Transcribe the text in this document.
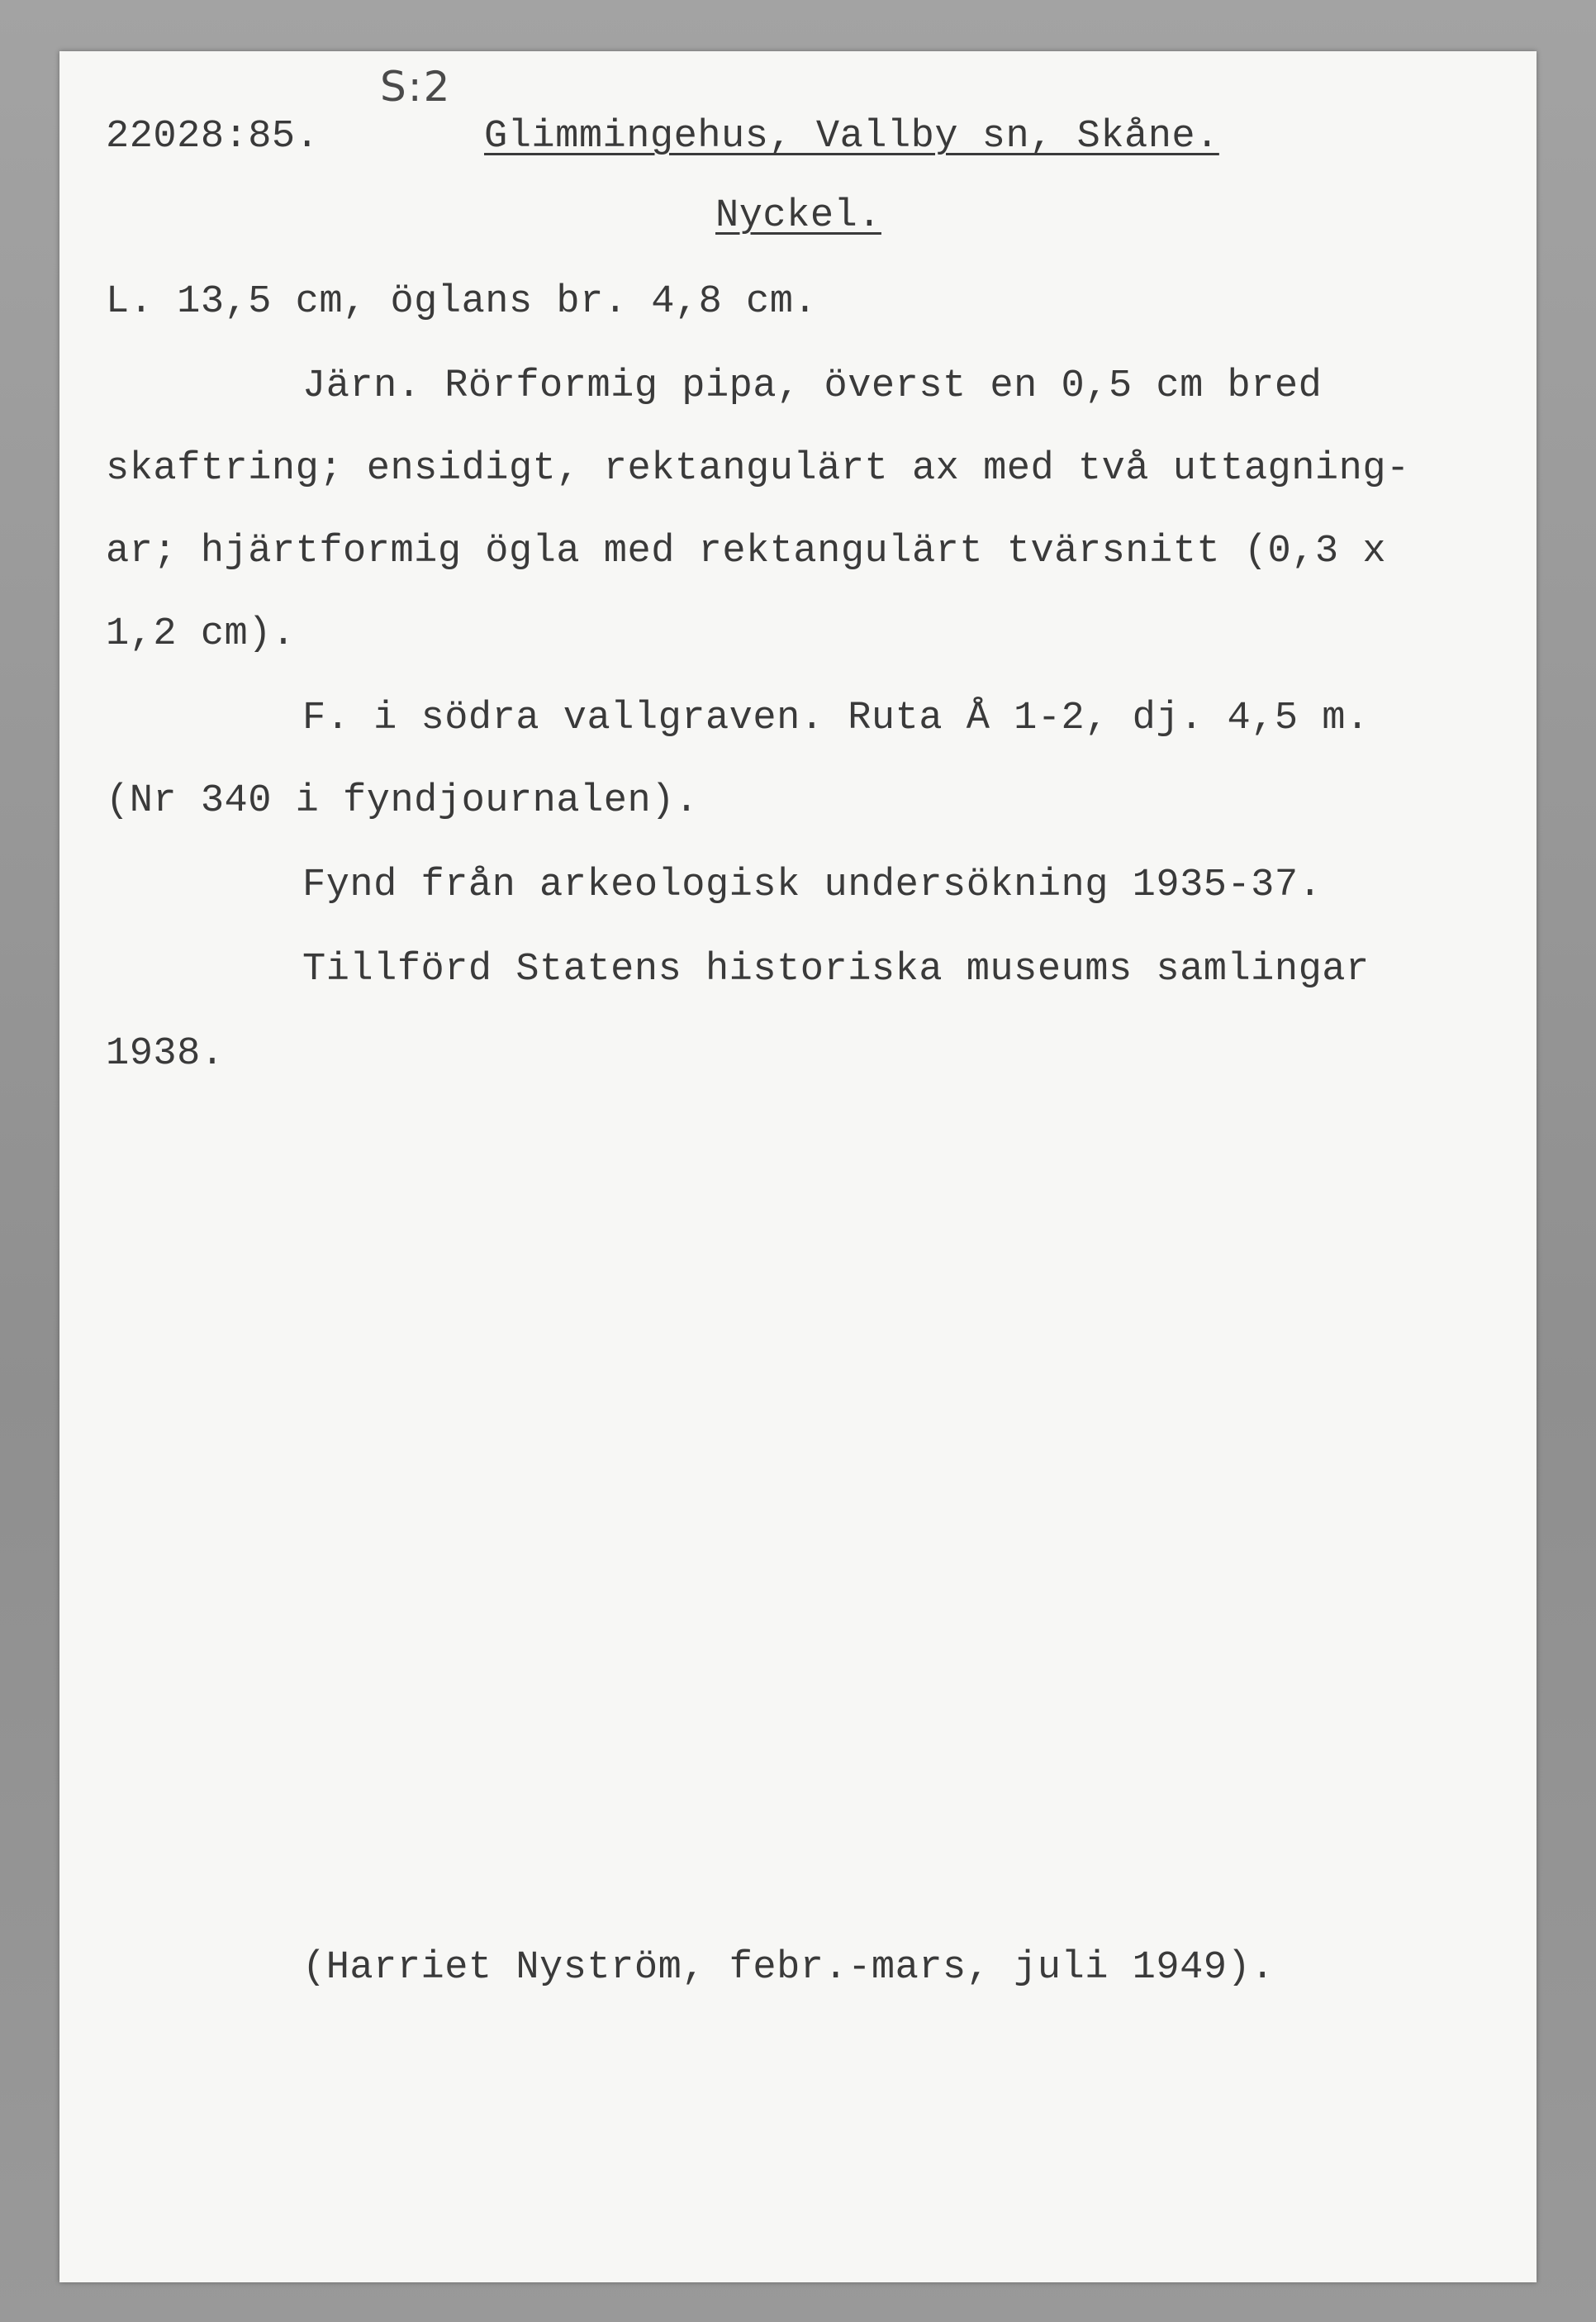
S:2
22028:85.	Glimmingehus, Vallby sn, Skåne.
Nyckel.
L. 13,5 cm, öglans br. 4,8 cm.
Järn. Rörformig pipa, överst en 0,5 cm bred
skaftring; ensidigt, rektangulärt ax med två uttagning-
ar; hjärtformig ögla med rektangulärt tvärsnitt (0,3 x
1,2 cm).
F. i södra vallgraven. Ruta Å 1-2, dj. 4,5 m.
(Nr 340 i fyndjournalen).
Fynd från arkeologisk undersökning 1935-37.
Tillförd Statens historiska museums samlingar
1938.
(Harriet Nyström, febr.-mars, juli 1949).
